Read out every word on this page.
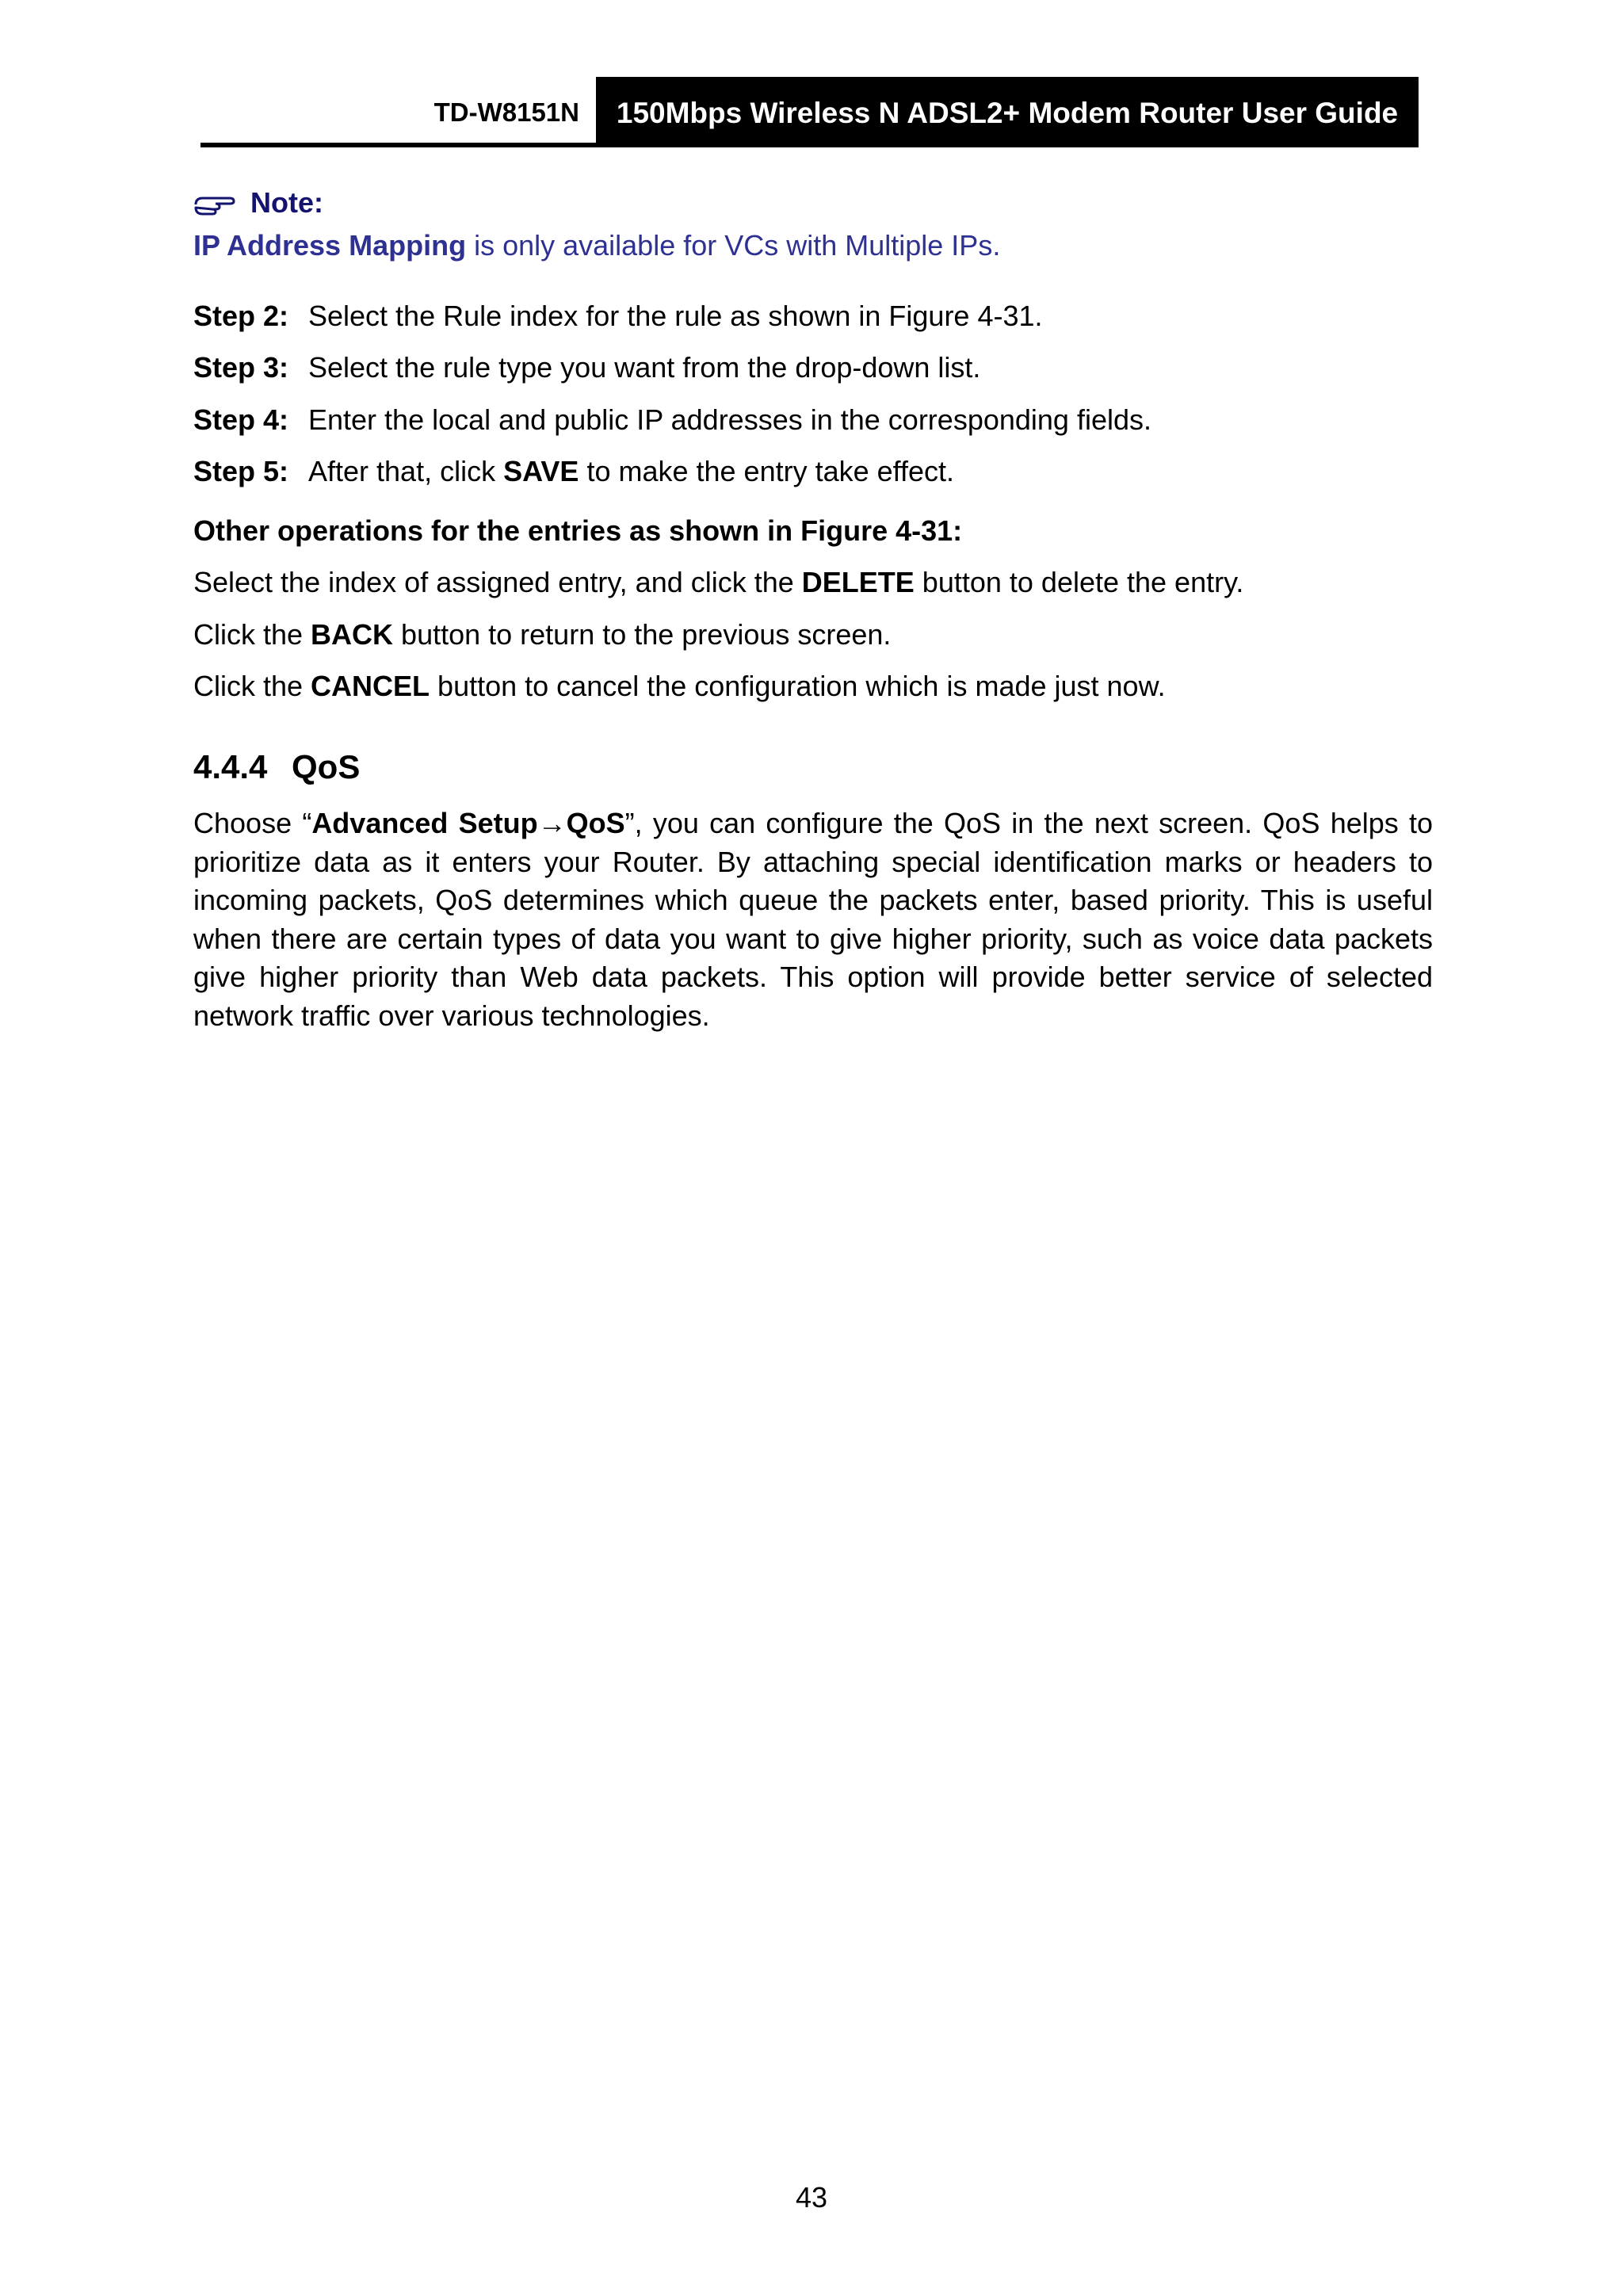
TD-W8151N	150Mbps Wireless N ADSL2+ Modem Router User Guide
Note:
IP Address Mapping is only available for VCs with Multiple IPs.
Step 2: Select the Rule index for the rule as shown in Figure 4-31.
Step 3: Select the rule type you want from the drop-down list.
Step 4: Enter the local and public IP addresses in the corresponding fields.
Step 5: After that, click SAVE to make the entry take effect.
Other operations for the entries as shown in Figure 4-31:
Select the index of assigned entry, and click the DELETE button to delete the entry.
Click the BACK button to return to the previous screen.
Click the CANCEL button to cancel the configuration which is made just now.
4.4.4 QoS
Choose “Advanced Setup→QoS”, you can configure the QoS in the next screen. QoS helps to prioritize data as it enters your Router. By attaching special identification marks or headers to incoming packets, QoS determines which queue the packets enter, based priority. This is useful when there are certain types of data you want to give higher priority, such as voice data packets give higher priority than Web data packets. This option will provide better service of selected network traffic over various technologies.
43
